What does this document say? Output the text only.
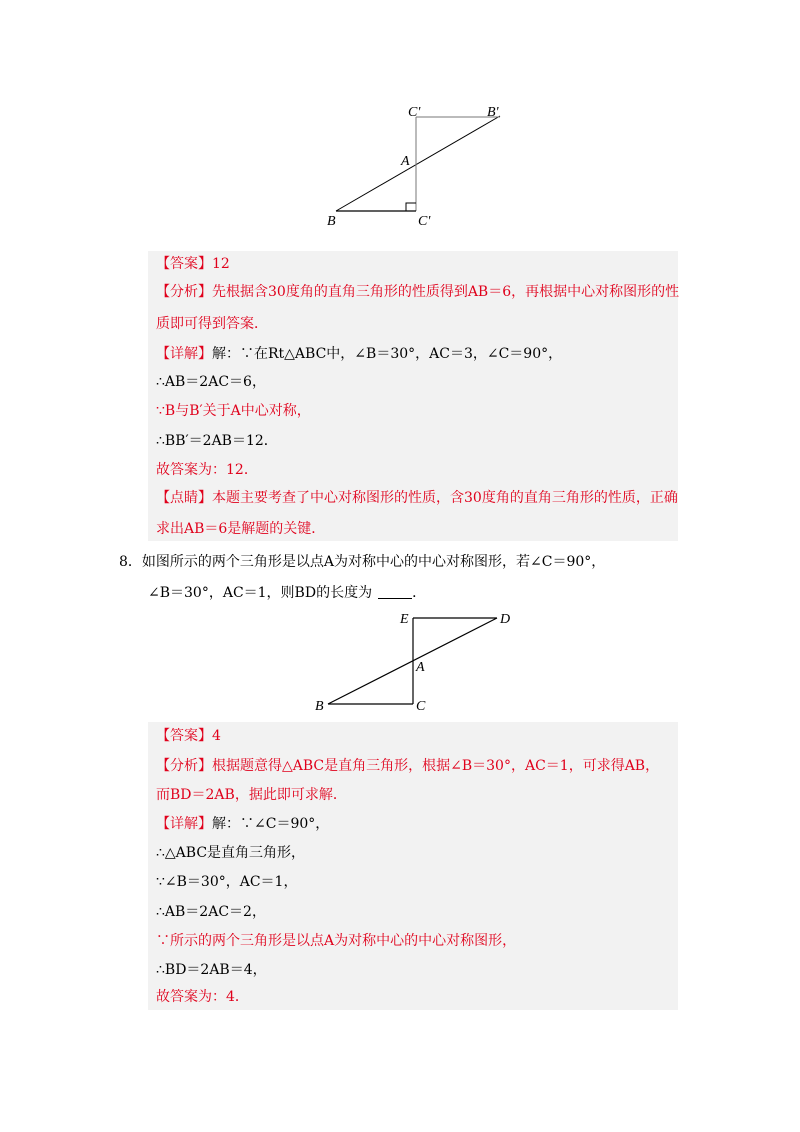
C'	B'
A
B	C'
【答案】12
【分析】先根据含30度角的直角三角形的性质得到AB＝6，再根据中心对称图形的性
质即可得到答案．
【详解】解：∵在Rt△ABC中，∠B＝30°，AC＝3，∠C＝90°，
∴AB＝2AC＝6，
∵B与B′关于A中心对称，
∴BB′＝2AB＝12．
故答案为：12．
【点睛】本题主要考查了中心对称图形的性质，含30度角的直角三角形的性质，正确
求出AB＝6是解题的关键．
8．如图所示的两个三角形是以点A为对称中心的中心对称图形，若∠C＝90°，
∠B＝30°，AC＝1，则BD的长度为	．
E	D
A
B	C
【答案】4
【分析】根据题意得△ABC是直角三角形，根据∠B＝30°，AC＝1，可求得AB，
而BD＝2AB，据此即可求解．
【详解】解：∵∠C＝90°，
∴△ABC是直角三角形，
∵∠B＝30°，AC＝1，
∴AB＝2AC＝2，
∵所示的两个三角形是以点A为对称中心的中心对称图形，
∴BD＝2AB＝4，
故答案为：4．
